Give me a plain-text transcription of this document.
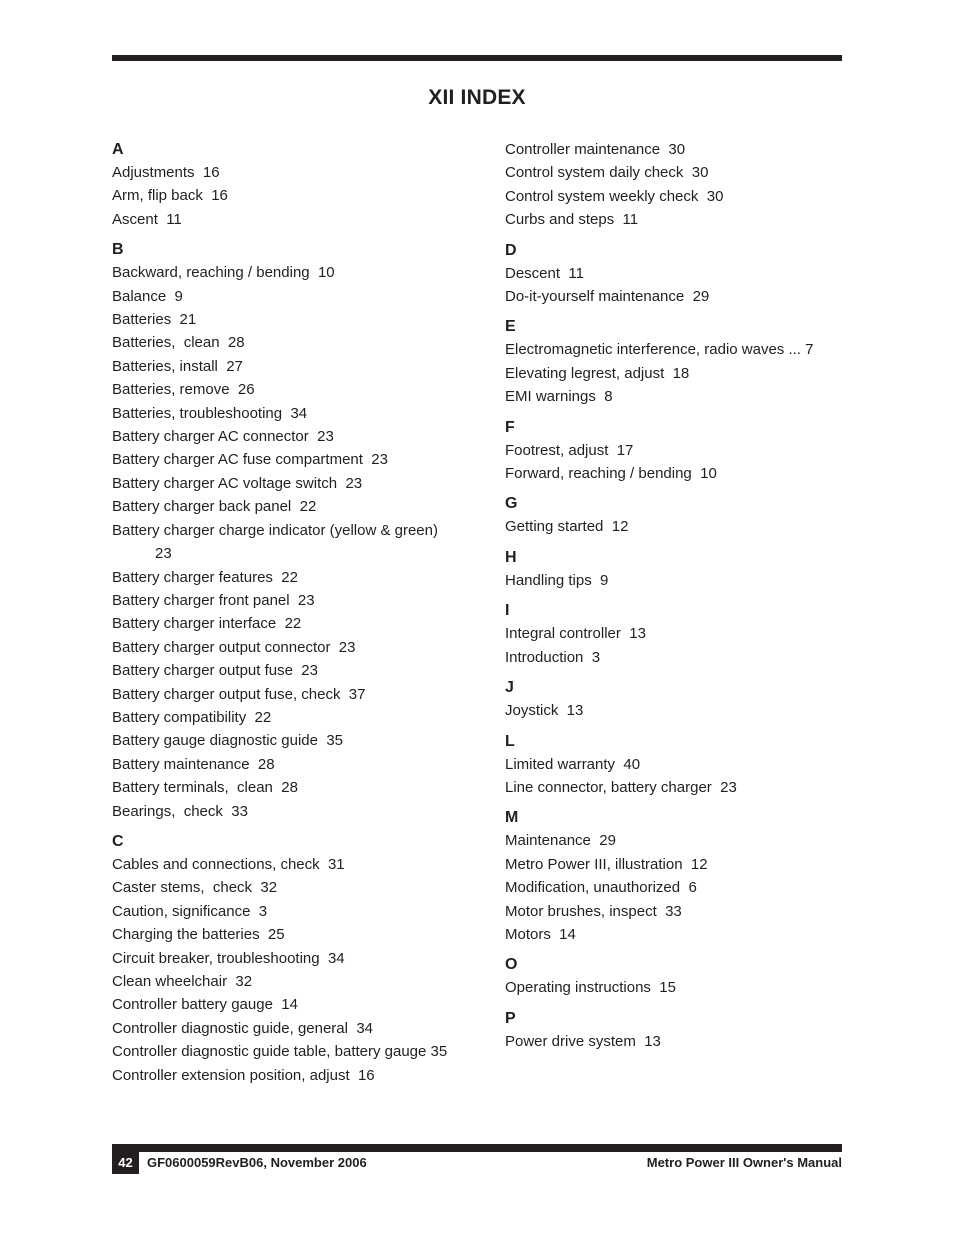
XII INDEX
A
Adjustments  16
Arm, flip back  16
Ascent  11
B
Backward, reaching / bending  10
Balance  9
Batteries  21
Batteries,  clean  28
Batteries, install  27
Batteries, remove  26
Batteries, troubleshooting  34
Battery charger AC connector  23
Battery charger AC fuse compartment  23
Battery charger AC voltage switch  23
Battery charger back panel  22
Battery charger charge indicator (yellow & green) 23
Battery charger features  22
Battery charger front panel  23
Battery charger interface  22
Battery charger output connector  23
Battery charger output fuse  23
Battery charger output fuse, check  37
Battery compatibility  22
Battery gauge diagnostic guide  35
Battery maintenance  28
Battery terminals,  clean  28
Bearings,  check  33
C
Cables and connections, check  31
Caster stems,  check  32
Caution, significance  3
Charging the batteries  25
Circuit breaker, troubleshooting  34
Clean wheelchair  32
Controller battery gauge  14
Controller diagnostic guide, general  34
Controller diagnostic guide table, battery gauge 35
Controller extension position, adjust  16
Controller maintenance  30
Control system daily check  30
Control system weekly check  30
Curbs and steps  11
D
Descent  11
Do-it-yourself maintenance  29
E
Electromagnetic interference, radio waves ... 7
Elevating legrest, adjust  18
EMI warnings  8
F
Footrest, adjust  17
Forward, reaching / bending  10
G
Getting started  12
H
Handling tips  9
I
Integral controller  13
Introduction  3
J
Joystick  13
L
Limited warranty  40
Line connector, battery charger  23
M
Maintenance  29
Metro Power III, illustration  12
Modification, unauthorized  6
Motor brushes, inspect  33
Motors  14
O
Operating instructions  15
P
Power drive system  13
42	GF0600059RevB06, November 2006	Metro Power III Owner's Manual
